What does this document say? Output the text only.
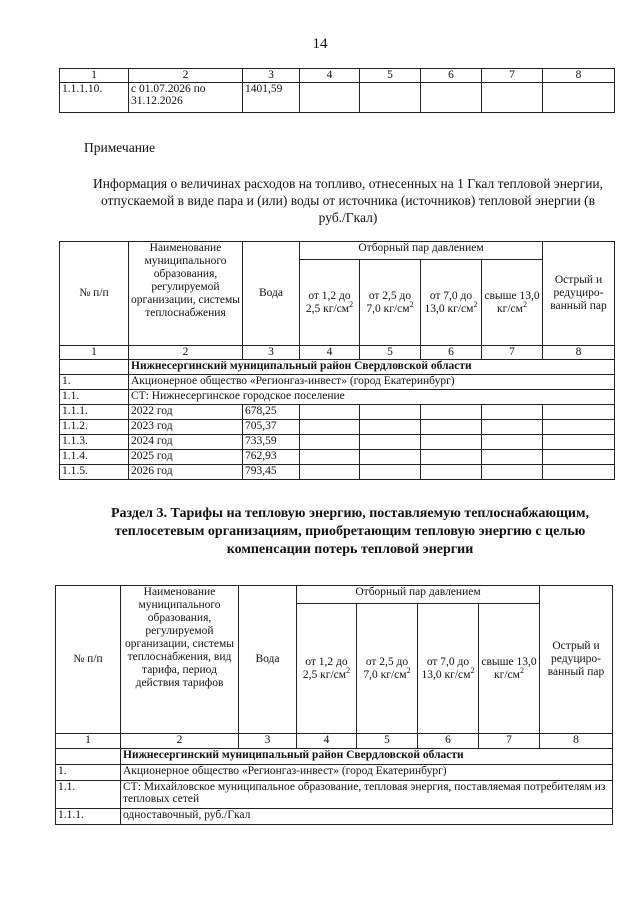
14
1	2	3	4	5	6	7	8
1.1.1.10.	с 01.07.2026 по 31.12.2026	1401,59					
Примечание
Информация о величинах расходов на топливо, отнесенных на 1 Гкал тепловой энергии, отпускаемой в виде пара и (или) воды от источника (источников) тепловой энергии (в руб./Гкал)
№ п/п	Наименование муниципального образования, регулируемой организации, системы теплоснабжения	Вода	Отборный пар давлением				Острый и редуциро-ванный пар
			от 1,2 до 2,5 $кг/см^2$	от 2,5 до 7,0 $кг/см^2$	от 7,0 до 13,0 $кг/см^2$	свыше 13,0 $кг/см^2$
1	2	3	4	5	6	7	8
	Нижнесергинский муниципальный район Свердловской области						
1.	Акционерное общество «Регионгаз-инвест» (город Екатеринбург)						
1.1.	СТ: Нижнесергинское городское поселение						
1.1.1.	2022 год	678,25					
1.1.2.	2023 год	705,37					
1.1.3.	2024 год	733,59					
1.1.4.	2025 год	762,93					
1.1.5.	2026 год	793,45					
Раздел 3. Тарифы на тепловую энергию, поставляемую теплоснабжающим, теплосетевым организациям, приобретающим тепловую энергию с целью компенсации потерь тепловой энергии
№ п/п	Наименование муниципального образования, регулируемой организации, системы теплоснабжения, вид тарифа, период действия тарифов	Вода	Отборный пар давлением				Острый и редуциро-ванный пар
			от 1,2 до 2,5 $кг/см^2$	от 2,5 до 7,0 $кг/см^2$	от 7,0 до 13,0 $кг/см^2$	свыше 13,0 $кг/см^2$
1	2	3	4	5	6	7	8
	Нижнесергинский муниципальный район Свердловской области						
1.	Акционерное общество «Регионгаз-инвест» (город Екатеринбург)						
1.1.	СТ: Михайловское муниципальное образование, тепловая энергия, поставляемая потребителям из тепловых сетей						
1.1.1.	одноставочный, руб./Гкал						
